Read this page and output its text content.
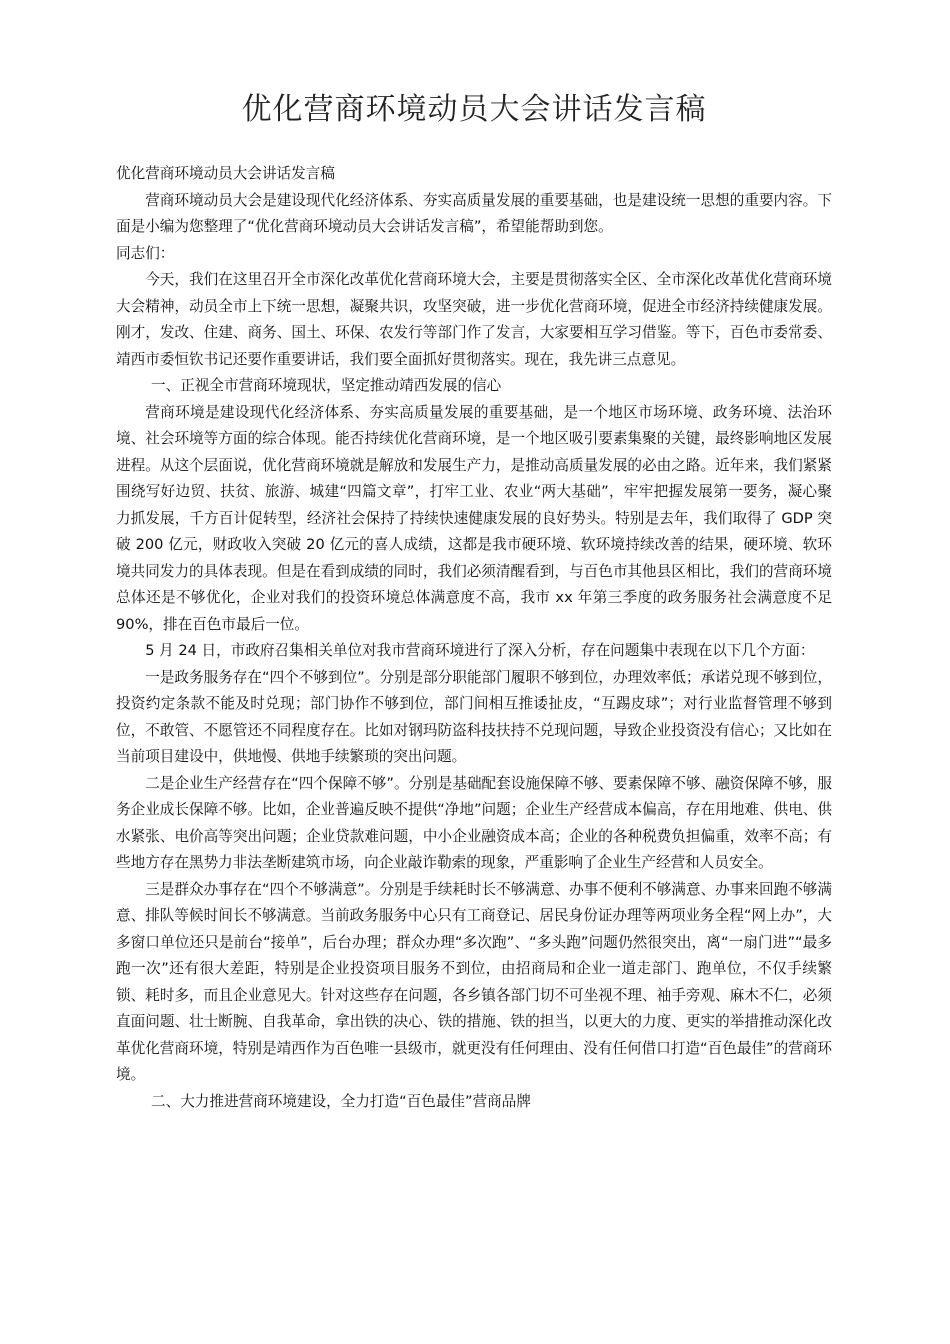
优化营商环境动员大会讲话发言稿

优化营商环境动员大会讲话发言稿

营商环境动员大会是建设现代化经济体系、夯实高质量发展的重要基础，也是建设统一思想的重要内容。下面是小编为您整理了“优化营商环境动员大会讲话发言稿”，希望能帮助到您。

同志们：

今天，我们在这里召开全市深化改革优化营商环境大会，主要是贯彻落实全区、全市深化改革优化营商环境大会精神，动员全市上下统一思想，凝聚共识，攻坚突破，进一步优化营商环境，促进全市经济持续健康发展。刚才，发改、住建、商务、国土、环保、农发行等部门作了发言，大家要相互学习借鉴。等下，百色市委常委、靖西市委恒钦书记还要作重要讲话，我们要全面抓好贯彻落实。现在，我先讲三点意见。

一、正视全市营商环境现状，坚定推动靖西发展的信心

营商环境是建设现代化经济体系、夯实高质量发展的重要基础，是一个地区市场环境、政务环境、法治环境、社会环境等方面的综合体现。能否持续优化营商环境，是一个地区吸引要素集聚的关键，最终影响地区发展进程。从这个层面说，优化营商环境就是解放和发展生产力，是推动高质量发展的必由之路。近年来，我们紧紧围绕写好边贸、扶贫、旅游、城建“四篇文章”，打牢工业、农业“两大基础”，牢牢把握发展第一要务，凝心聚力抓发展，千方百计促转型，经济社会保持了持续快速健康发展的良好势头。特别是去年，我们取得了 GDP 突破 200 亿元，财政收入突破 20 亿元的喜人成绩，这都是我市硬环境、软环境持续改善的结果，硬环境、软环境共同发力的具体表现。但是在看到成绩的同时，我们必须清醒看到，与百色市其他县区相比，我们的营商环境总体还是不够优化，企业对我们的投资环境总体满意度不高，我市 xx 年第三季度的政务服务社会满意度不足 90%，排在百色市最后一位。

5 月 24 日，市政府召集相关单位对我市营商环境进行了深入分析，存在问题集中表现在以下几个方面：

一是政务服务存在“四个不够到位”。分别是部分职能部门履职不够到位，办理效率低；承诺兑现不够到位，投资约定条款不能及时兑现；部门协作不够到位，部门间相互推诿扯皮，“互踢皮球”；对行业监督管理不够到位，不敢管、不愿管还不同程度存在。比如对钢玛防盗科技扶持不兑现问题，导致企业投资没有信心；又比如在当前项目建设中，供地慢、供地手续繁琐的突出问题。

二是企业生产经营存在“四个保障不够”。分别是基础配套设施保障不够、要素保障不够、融资保障不够，服务企业成长保障不够。比如，企业普遍反映不提供“净地”问题；企业生产经营成本偏高，存在用地难、供电、供水紧张、电价高等突出问题；企业贷款难问题，中小企业融资成本高；企业的各种税费负担偏重，效率不高；有些地方存在黑势力非法垄断建筑市场，向企业敲诈勒索的现象，严重影响了企业生产经营和人员安全。

三是群众办事存在“四个不够满意”。分别是手续耗时长不够满意、办事不便利不够满意、办事来回跑不够满意、排队等候时间长不够满意。当前政务服务中心只有工商登记、居民身份证办理等两项业务全程“网上办”，大多窗口单位还只是前台“接单”，后台办理；群众办理“多次跑”、“多头跑”问题仍然很突出，离“一扇门进”“最多跑一次”还有很大差距，特别是企业投资项目服务不到位，由招商局和企业一道走部门、跑单位，不仅手续繁锁、耗时多，而且企业意见大。针对这些存在问题，各乡镇各部门切不可坐视不理、袖手旁观、麻木不仁，必须直面问题、壮士断腕、自我革命，拿出铁的决心、铁的措施、铁的担当，以更大的力度、更实的举措推动深化改革优化营商环境，特别是靖西作为百色唯一县级市，就更没有任何理由、没有任何借口打造“百色最佳”的营商环境。

二、大力推进营商环境建设，全力打造“百色最佳”营商品牌
